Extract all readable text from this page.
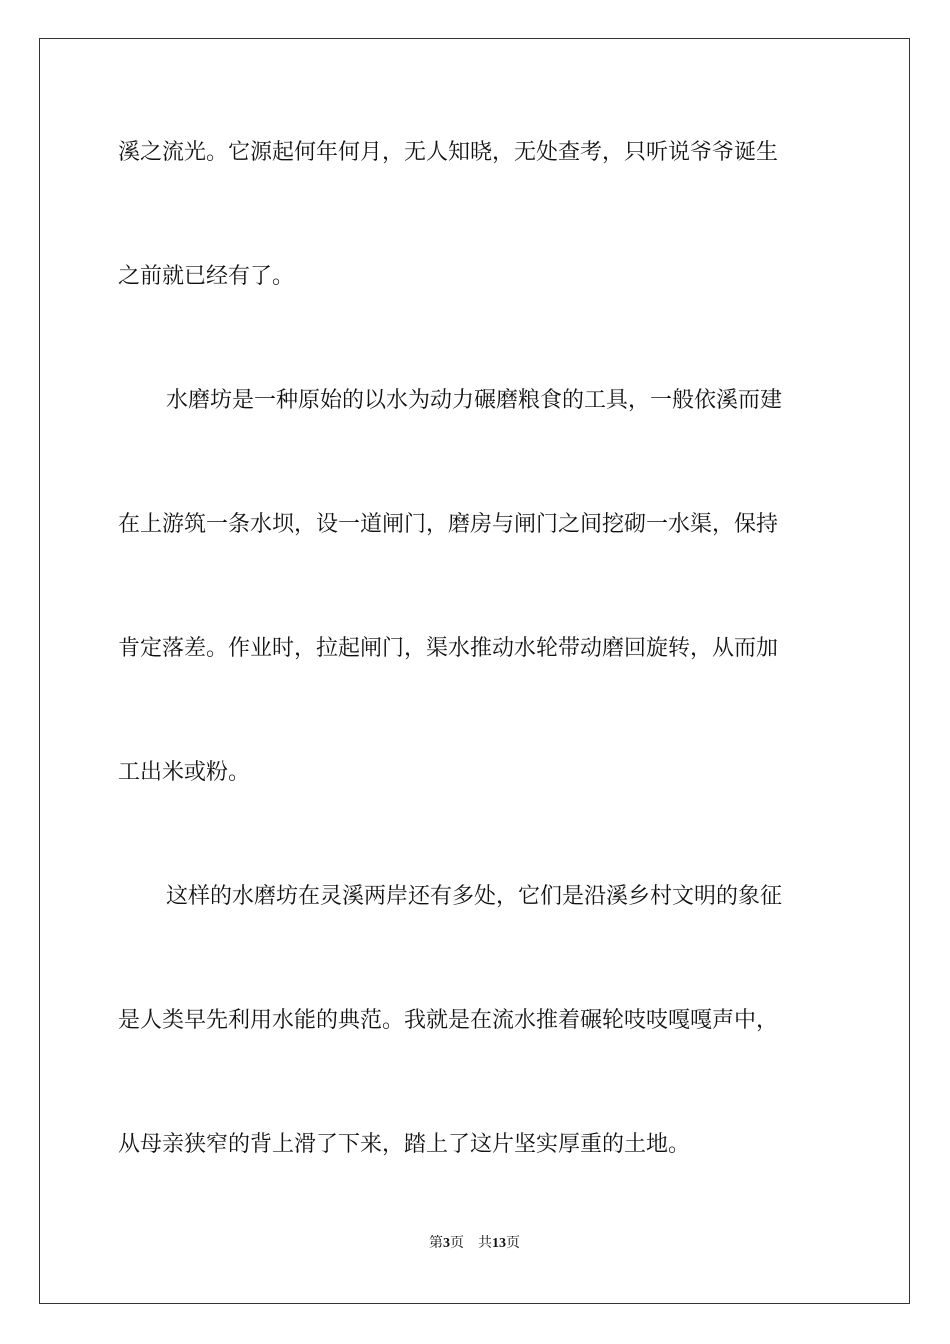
溪之流光。它源起何年何月，无人知晓，无处查考，只听说爷爷诞生
之前就已经有了。
水磨坊是一种原始的以水为动力碾磨粮食的工具，一般依溪而建
在上游筑一条水坝，设一道闸门，磨房与闸门之间挖砌一水渠，保持
肯定落差。作业时，拉起闸门，渠水推动水轮带动磨回旋转，从而加
工出米或粉。
这样的水磨坊在灵溪两岸还有多处，它们是沿溪乡村文明的象征
是人类早先利用水能的典范。我就是在流水推着碾轮吱吱嘎嘎声中，
从母亲狭窄的背上滑了下来，踏上了这片坚实厚重的土地。
第3页 共13页
